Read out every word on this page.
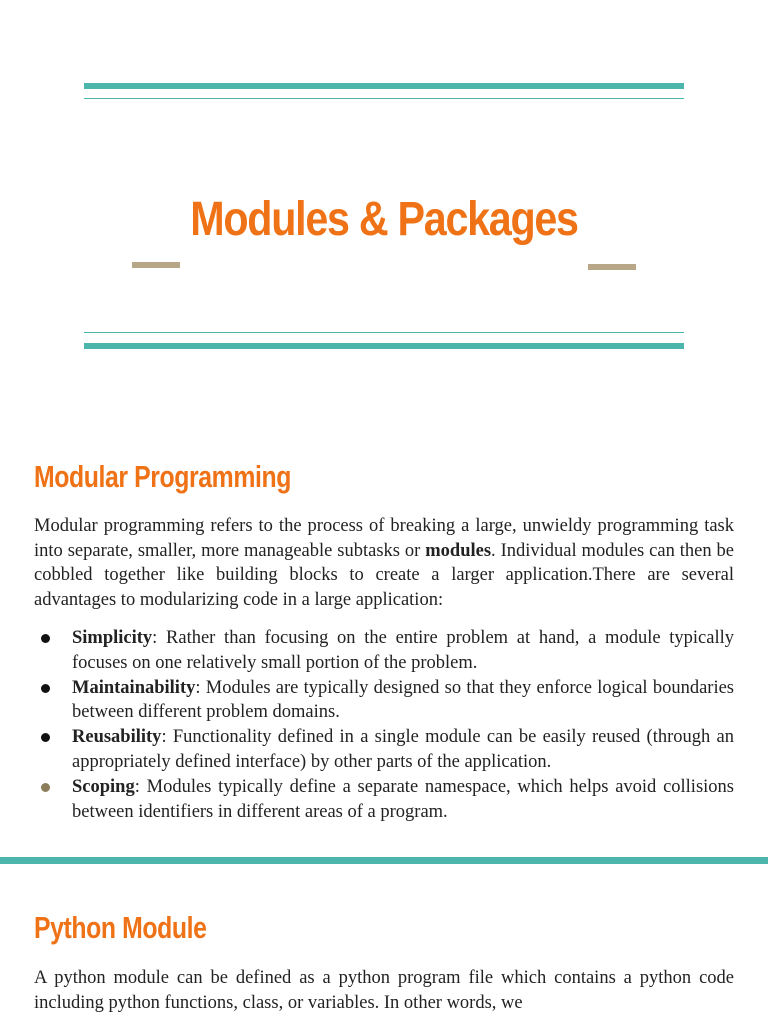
Modules & Packages
Modular Programming

Modular programming refers to the process of breaking a large, unwieldy programming task into separate, smaller, more manageable subtasks or modules. Individual modules can then be cobbled together like building blocks to create a larger application.There are several advantages to modularizing code in a large application:

Simplicity: Rather than focusing on the entire problem at hand, a module typically focuses on one relatively small portion of the problem.
Maintainability: Modules are typically designed so that they enforce logical boundaries between different problem domains.
Reusability: Functionality defined in a single module can be easily reused (through an appropriately defined interface) by other parts of the application.
Scoping: Modules typically define a separate namespace, which helps avoid collisions between identifiers in different areas of a program.
Python Module

A python module can be defined as a python program file which contains a python code including python functions, class, or variables. In other words, we
